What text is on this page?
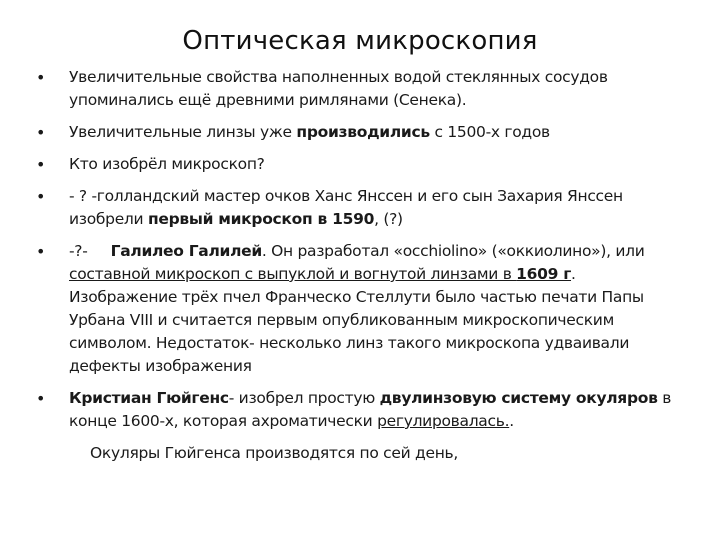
Оптическая микроскопия
• Увеличительные свойства наполненных водой стеклянных сосудов упоминались ещё древними римлянами (Сенека).
• Увеличительные линзы уже производились с 1500-х годов
• Кто изобрёл микроскоп?
• - ? -голландский мастер очков Ханс Янссен и его сын Захария Янссен изобрели первый микроскоп в 1590, (?)
• -?-     Галилео Галилей. Он разработал «occhiolino» («оккиолино»), или составной микроскоп с выпуклой и вогнутой линзами в 1609 г. Изображение трёх пчел Франческо Стеллути было частью печати Папы Урбана VIII и считается первым опубликованным микроскопическим символом. Недостаток- несколько линз такого микроскопа удваивали дефекты изображения
• Кристиан Гюйгенс- изобрел простую двулинзовую систему окуляров в конце 1600-х, которая ахроматически регулировалась..
Окуляры Гюйгенса производятся по сей день,
